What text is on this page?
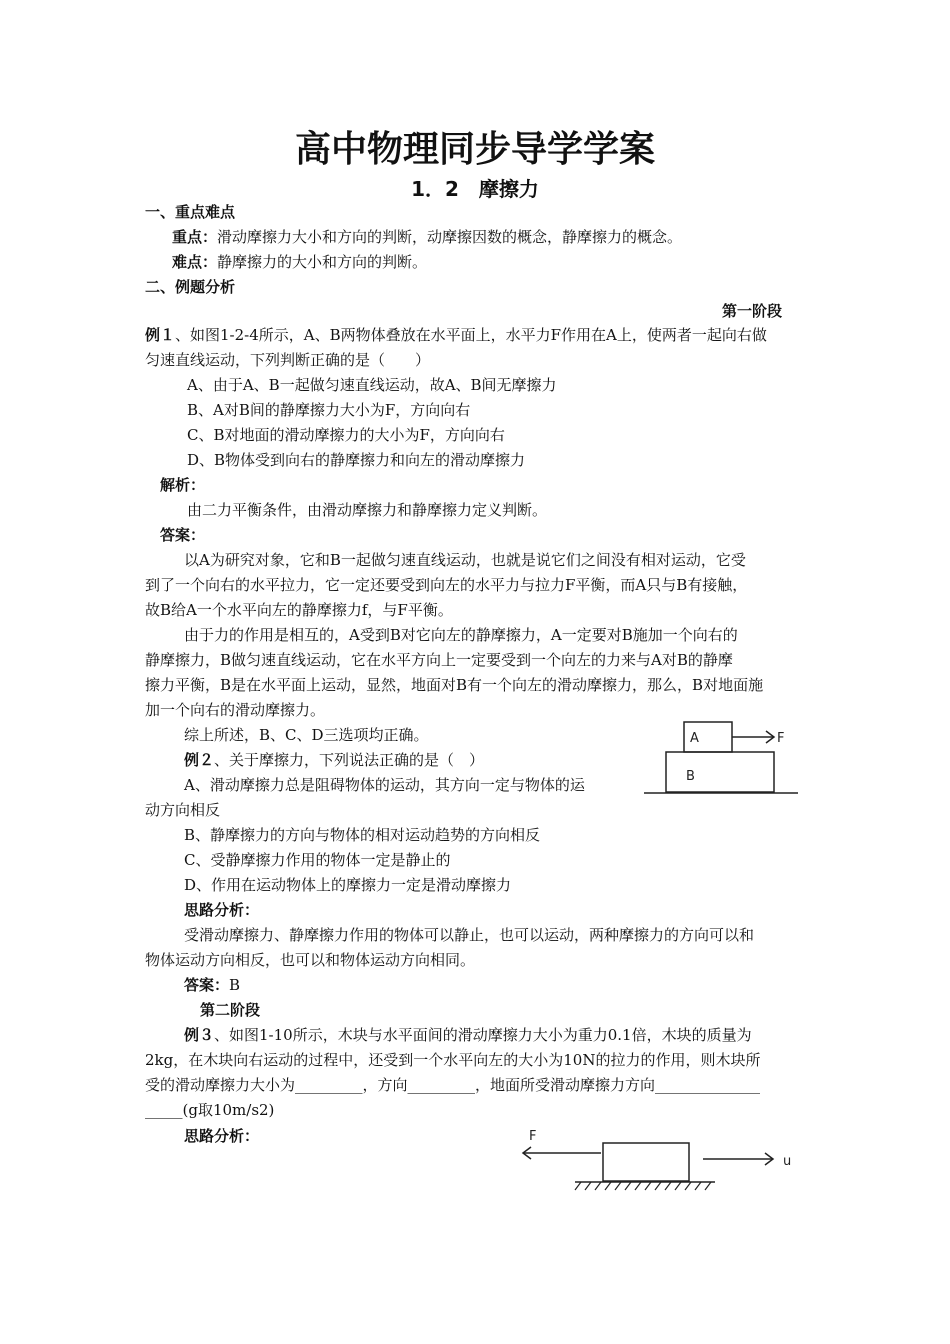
高中物理同步导学学案
1．2　摩擦力
一、重点难点
重点：滑动摩擦力大小和方向的判断，动摩擦因数的概念，静摩擦力的概念。
难点：静摩擦力的大小和方向的判断。
二、例题分析
第一阶段
例１、如图1-2-4所示，A、B两物体叠放在水平面上，水平力F作用在A上，使两者一起向右做
匀速直线运动，下列判断正确的是（　　）
A、由于A、B一起做匀速直线运动，故A、B间无摩擦力
B、A对B间的静摩擦力大小为F，方向向右
C、B对地面的滑动摩擦力的大小为F，方向向右
D、B物体受到向右的静摩擦力和向左的滑动摩擦力
解析：
由二力平衡条件，由滑动摩擦力和静摩擦力定义判断。
答案：
以A为研究对象，它和B一起做匀速直线运动，也就是说它们之间没有相对运动，它受
到了一个向右的水平拉力，它一定还要受到向左的水平力与拉力F平衡，而A只与B有接触，
故B给A一个水平向左的静摩擦力f，与F平衡。
由于力的作用是相互的，A受到B对它向左的静摩擦力，A一定要对B施加一个向右的
静摩擦力，B做匀速直线运动，它在水平方向上一定要受到一个向左的力来与A对B的静摩
擦力平衡，B是在水平面上运动，显然，地面对B有一个向左的滑动摩擦力，那么，B对地面施
加一个向右的滑动摩擦力。
综上所述，B、C、D三选项均正确。	A	F
B
例２、关于摩擦力，下列说法正确的是（　）
A、滑动摩擦力总是阻碍物体的运动，其方向一定与物体的运
动方向相反
B、静摩擦力的方向与物体的相对运动趋势的方向相反
C、受静摩擦力作用的物体一定是静止的
D、作用在运动物体上的摩擦力一定是滑动摩擦力
思路分析：
受滑动摩擦力、静摩擦力作用的物体可以静止，也可以运动，两种摩擦力的方向可以和
物体运动方向相反，也可以和物体运动方向相同。
答案：B
第二阶段
例３、如图1-10所示，木块与水平面间的滑动摩擦力大小为重力0.1倍，木块的质量为
2kg，在木块向右运动的过程中，还受到一个水平向左的大小为10N的拉力的作用，则木块所
受的滑动摩擦力大小为_________，方向_________，地面所受滑动摩擦力方向______________
_____(g取10m/s2)
思路分析：	F
u
